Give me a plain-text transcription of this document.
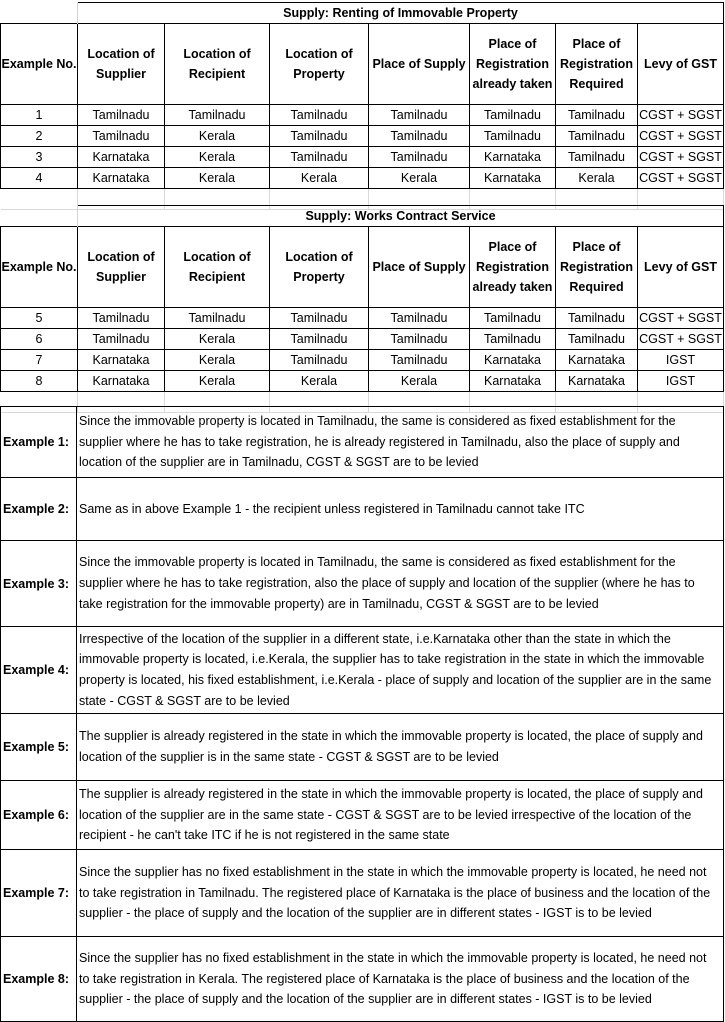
	Supply: Renting of Immovable Property						
Example No.	Location of Supplier	Location of Recipient	Location of Property	Place of Supply	Place of Registration already taken	Place of Registration Required	Levy of GST
1	Tamilnadu	Tamilnadu	Tamilnadu	Tamilnadu	Tamilnadu	Tamilnadu	CGST + SGST
2	Tamilnadu	Kerala	Tamilnadu	Tamilnadu	Tamilnadu	Tamilnadu	CGST + SGST
3	Karnataka	Kerala	Tamilnadu	Tamilnadu	Karnataka	Tamilnadu	CGST + SGST
4	Karnataka	Kerala	Kerala	Kerala	Karnataka	Kerala	CGST + SGST

	Supply: Works Contract Service						
Example No.	Location of Supplier	Location of Recipient	Location of Property	Place of Supply	Place of Registration already taken	Place of Registration Required	Levy of GST
5	Tamilnadu	Tamilnadu	Tamilnadu	Tamilnadu	Tamilnadu	Tamilnadu	CGST + SGST
6	Tamilnadu	Kerala	Tamilnadu	Tamilnadu	Tamilnadu	Tamilnadu	CGST + SGST
7	Karnataka	Kerala	Tamilnadu	Tamilnadu	Karnataka	Karnataka	IGST
8	Karnataka	Kerala	Kerala	Kerala	Karnataka	Karnataka	IGST

Example 1:	Since the immovable property is located in Tamilnadu, the same is considered as fixed establishment for the supplier where he has to take registration, he is already registered in Tamilnadu, also the place of supply and location of the supplier are in Tamilnadu, CGST & SGST are to be levied
Example 2:	Same as in above Example 1 - the recipient unless registered in Tamilnadu cannot take ITC
Example 3:	Since the immovable property is located in Tamilnadu, the same is considered as fixed establishment for the supplier where he has to take registration, also the place of supply and location of the supplier (where he has to take registration for the immovable property) are in Tamilnadu, CGST & SGST are to be levied
Example 4:	Irrespective of the location of the supplier in a different state, i.e.Karnataka other than the state in which the immovable property is located, i.e.Kerala, the supplier has to take registration in the state in which the immovable property is located, his fixed establishment, i.e.Kerala - place of supply and location of the supplier are in the same state - CGST & SGST are to be levied
Example 5:	The supplier is already registered in the state in which the immovable property is located, the place of supply and location of the supplier is in the same state - CGST & SGST are to be levied
Example 6:	The supplier is already registered in the state in which the immovable property is located, the place of supply and location of the supplier are in the same state - CGST & SGST are to be levied irrespective of the location of the recipient - he can't take ITC if he is not registered in the same state
Example 7:	Since the supplier has no fixed establishment in the state in which the immovable property is located, he need not to take registration in Tamilnadu. The registered place of Karnataka is the place of business and the location of the supplier - the place of supply and the location of the supplier are in different states - IGST is to be levied
Example 8:	Since the supplier has no fixed establishment in the state in which the immovable property is located, he need not to take registration in Kerala. The registered place of Karnataka is the place of business and the location of the supplier - the place of supply and the location of the supplier are in different states - IGST is to be levied
